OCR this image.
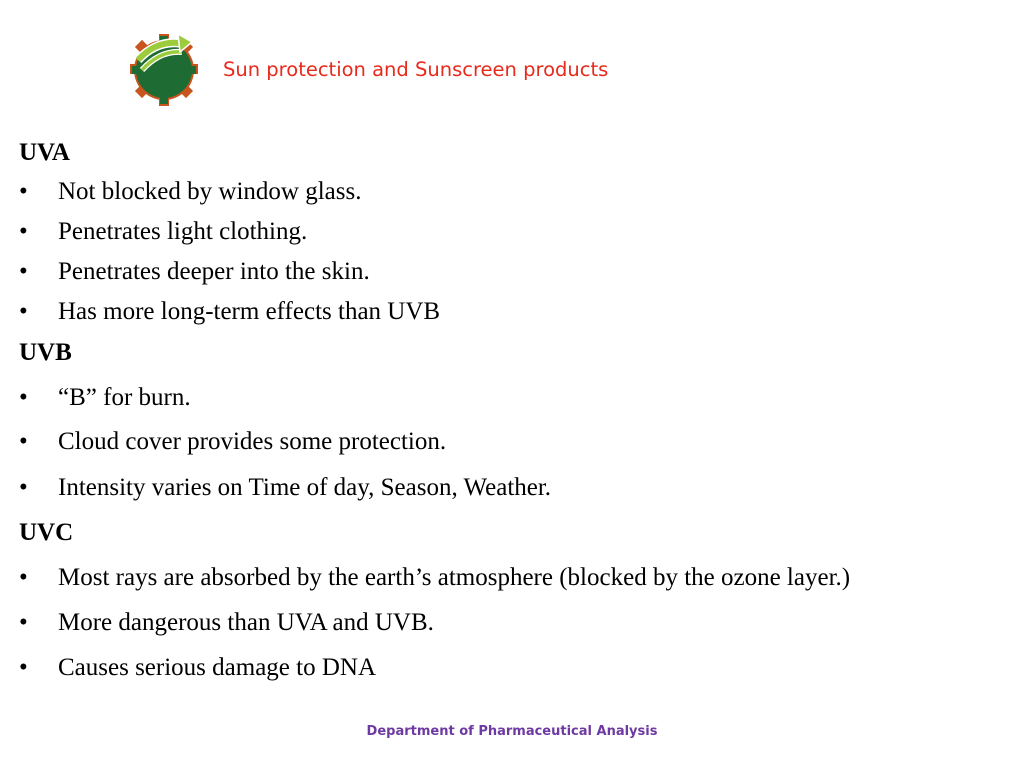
Sun protection and Sunscreen products
UVA
• Not blocked by window glass.
• Penetrates light clothing.
• Penetrates deeper into the skin.
• Has more long-term effects than UVB
UVB
• “B” for burn.
• Cloud cover provides some protection.
• Intensity varies on Time of day, Season, Weather.
UVC
• Most rays are absorbed by the earth’s atmosphere (blocked by the ozone layer.)
• More dangerous than UVA and UVB.
• Causes serious damage to DNA
Department of Pharmaceutical Analysis
